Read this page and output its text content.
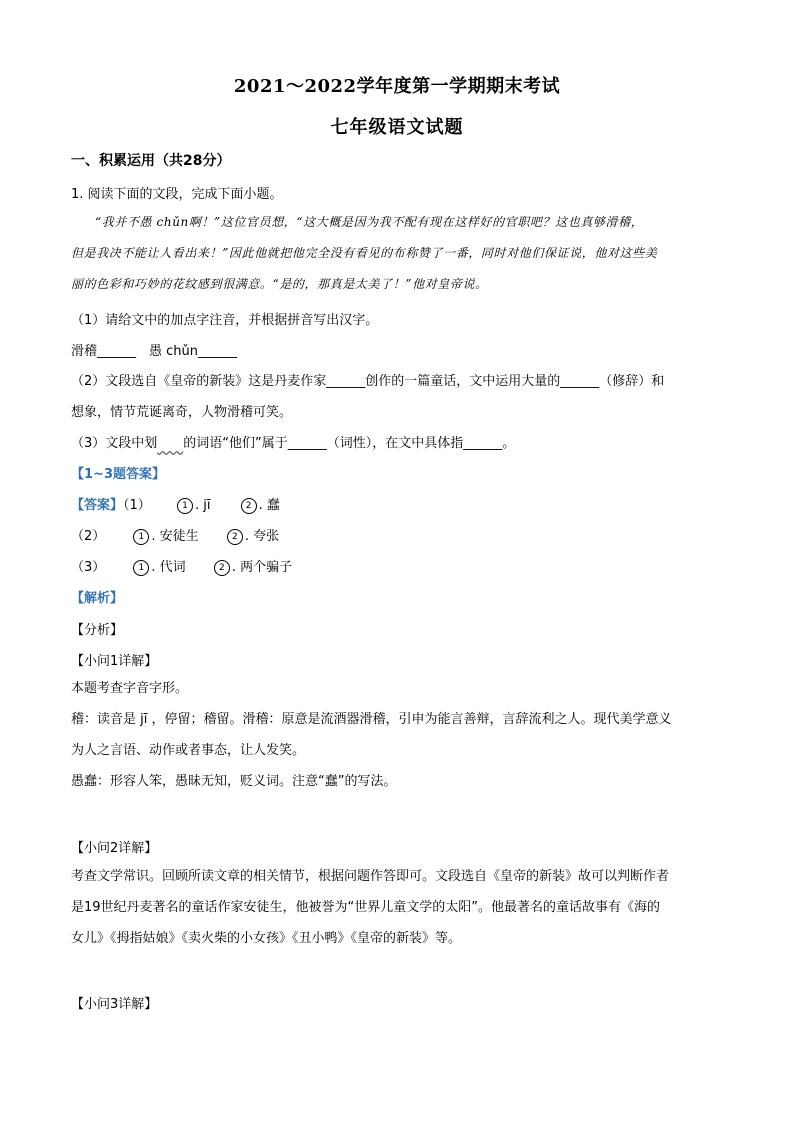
2021～2022学年度第一学期期末考试
七年级语文试题
一、积累运用（共28分）
1. 阅读下面的文段，完成下面小题。

“我并不愚 chǔn啊！”这位官员想，“这大概是因为我不配有现在这样好的官职吧？这也真够滑稽，

但是我决不能让人看出来！”因此他就把他完全没有看见的布称赞了一番，同时对他们保证说，他对这些美

丽的色彩和巧妙的花纹感到很满意。“是的，那真是太美了！”他对皇帝说。

（1）请给文中的加点字注音，并根据拼音写出汉字。
滑稽______　愚 chǔn______
（2）文段选自《皇帝的新装》这是丹麦作家______创作的一篇童话，文中运用大量的______（修辞）和
想象，情节荒诞离奇，人物滑稽可笑。
（3）文段中划 的词语“他们”属于______（词性），在文中具体指______。
【1~3题答案】
【答案】（1）	1 . jī	2 . 蠢
（2）	1 . 安徒生	2 . 夸张
（3）	1 . 代词	2 . 两个骗子
【解析】
【分析】
【小问1详解】

本题考查字音字形。

稽：读音是 jī ，停留；稽留。滑稽：原意是流酒器滑稽，引申为能言善辩，言辞流利之人。现代美学意义

为人之言语、动作或者事态，让人发笑。

愚蠢：形容人笨，愚昧无知，贬义词。注意“蠢”的写法。

【小问2详解】

考查文学常识。回顾所读文章的相关情节，根据问题作答即可。文段选自《皇帝的新装》故可以判断作者

是19世纪丹麦著名的童话作家安徒生，他被誉为“世界儿童文学的太阳”。他最著名的童话故事有《海的

女儿》《拇指姑娘》《卖火柴的小女孩》《丑小鸭》《皇帝的新装》等。

【小问3详解】
